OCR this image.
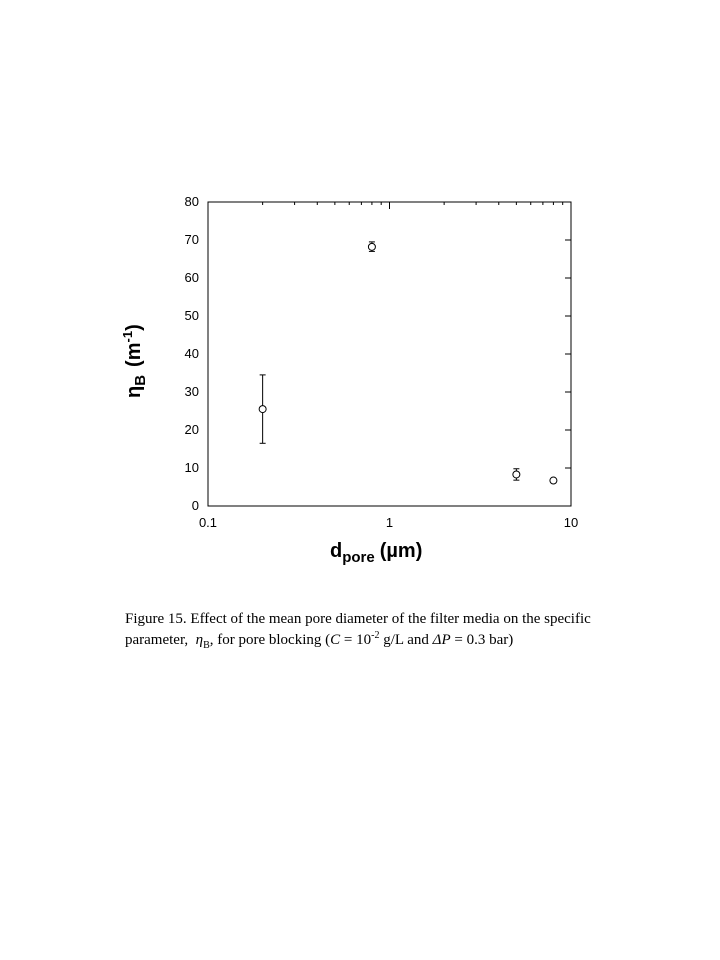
0
10
20
30
40
50
60
70
80
0.1	1	10
$d_{pore}$ (µm)
$\eta_B(m^{-1})$
Figure 15. Effect of the mean pore diameter of the filter media on the specific parameter,  $\eta_B$, for pore blocking ($C = 10^{-2}$ g/L and ΔP = 0.3 bar)
